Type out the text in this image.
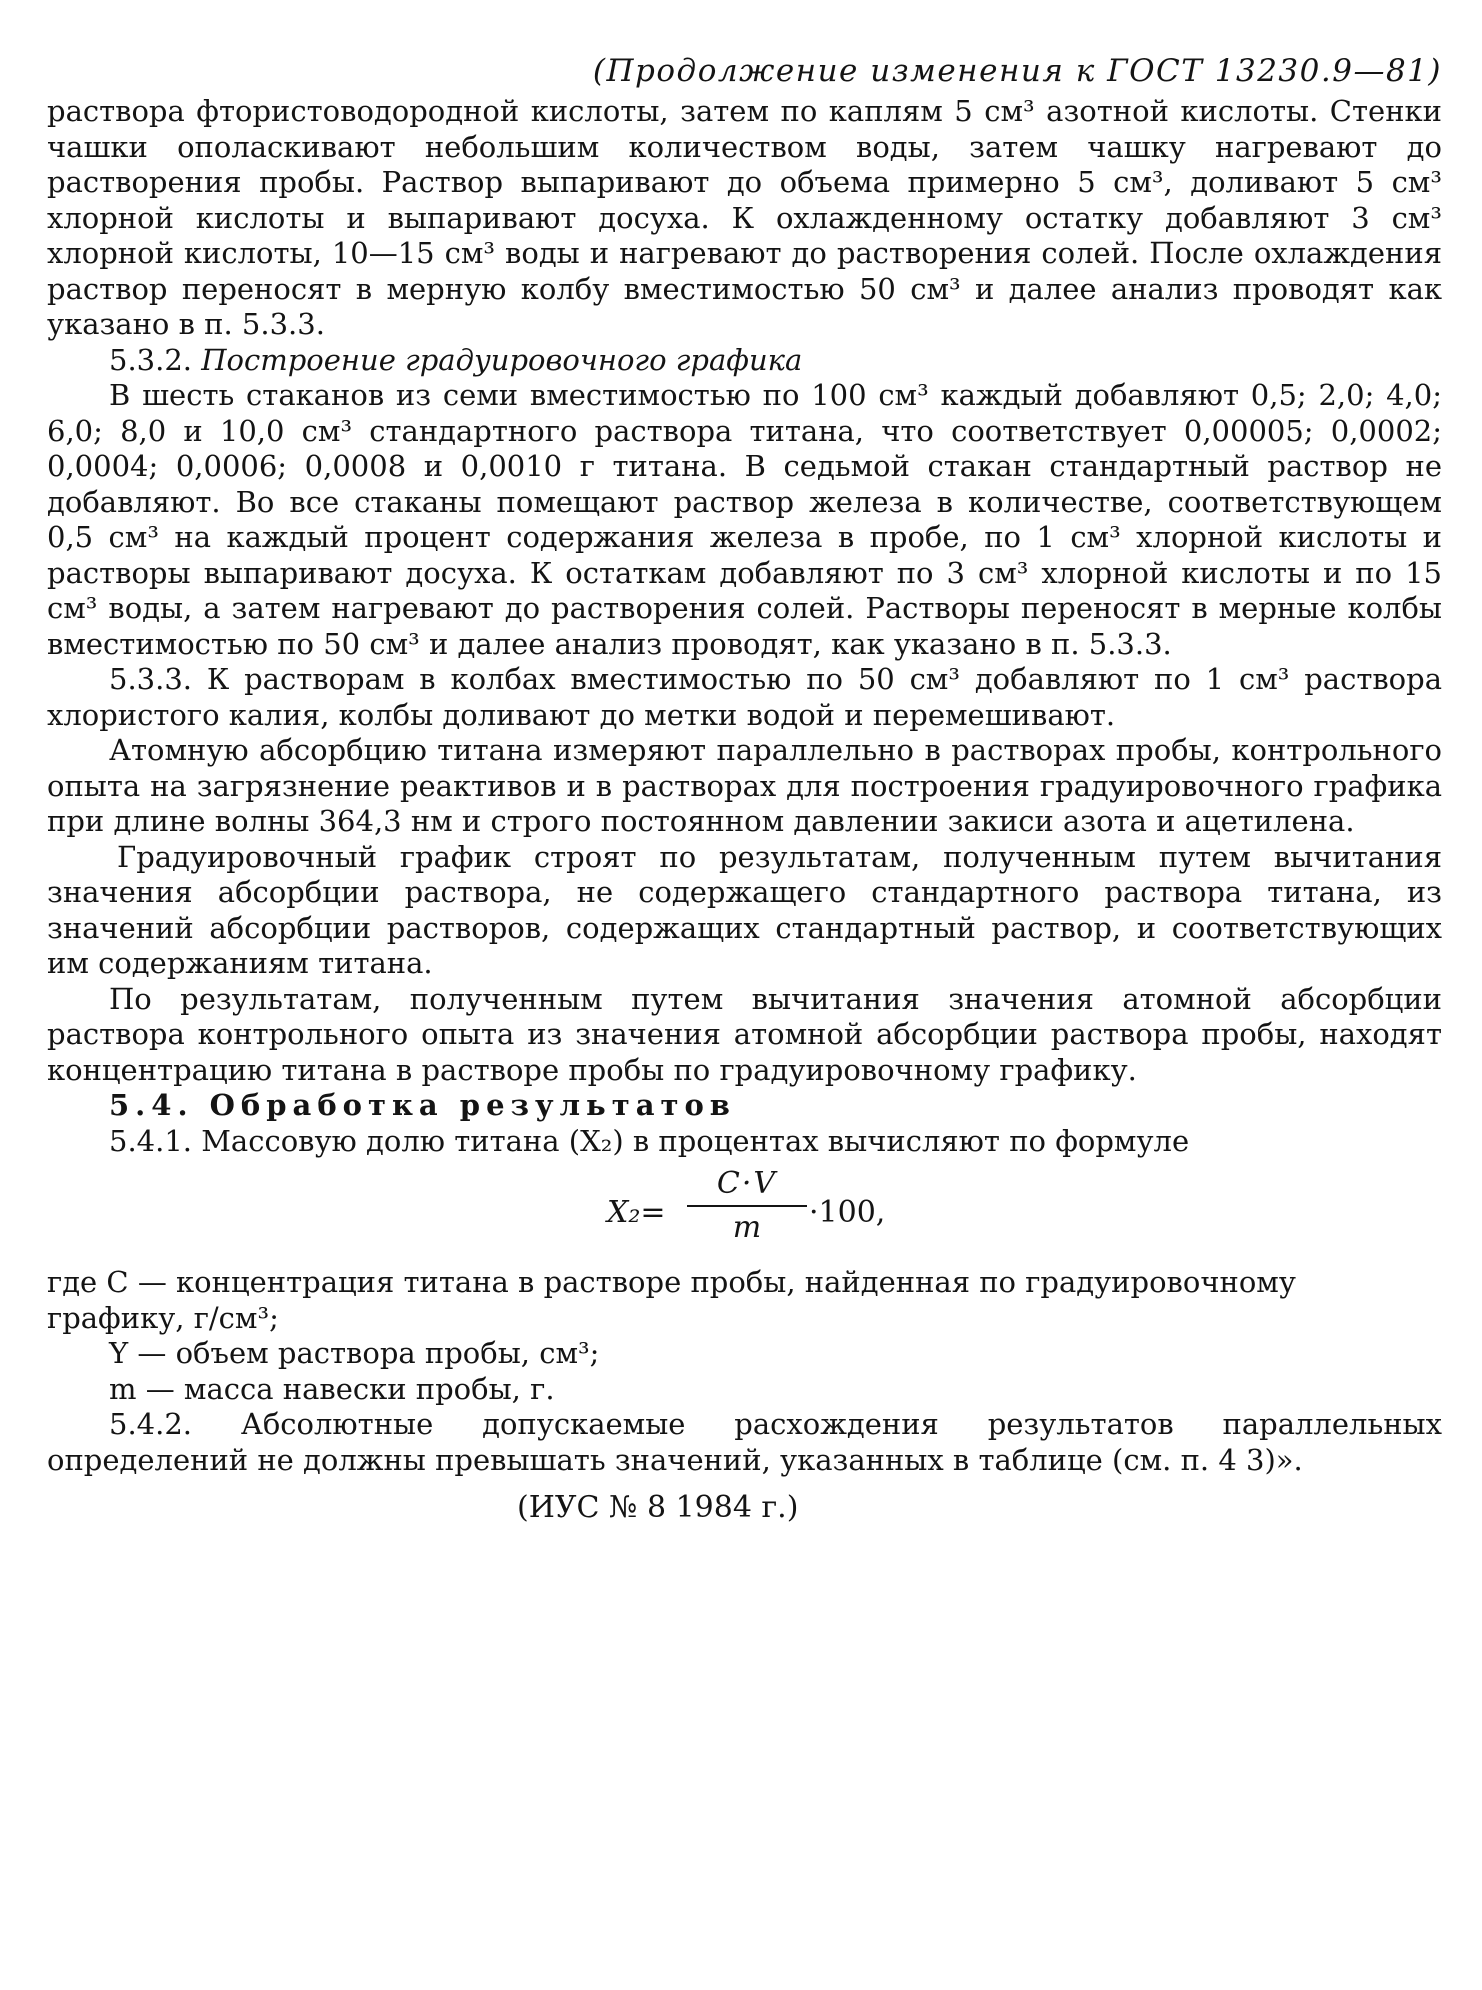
(Продолжение изменения к ГОСТ 13230.9—81)

раствора фтористоводородной кислоты, затем по каплям 5 см³ азотной кислоты. Стенки чашки ополаскивают небольшим количеством воды, затем чашку нагревают до растворения пробы. Раствор выпаривают до объема примерно 5 см³, доливают 5 см³ хлорной кислоты и выпаривают досуха. К охлажденному остатку добавляют 3 см³ хлорной кислоты, 10—15 см³ воды и нагревают до растворения солей. После охлаждения раствор переносят в мерную колбу вместимостью 50 см³ и далее анализ проводят как указано в п. 5.3.3.

5.3.2. Построение градуировочного графика

В шесть стаканов из семи вместимостью по 100 см³ каждый добавляют 0,5; 2,0; 4,0; 6,0; 8,0 и 10,0 см³ стандартного раствора титана, что соответствует 0,00005; 0,0002; 0,0004; 0,0006; 0,0008 и 0,0010 г титана. В седьмой стакан стандартный раствор не добавляют. Во все стаканы помещают раствор железа в количестве, соответствующем 0,5 см³ на каждый процент содержания железа в пробе, по 1 см³ хлорной кислоты и растворы выпаривают досуха. К остаткам добавляют по 3 см³ хлорной кислоты и по 15 см³ воды, а затем нагревают до растворения солей. Растворы переносят в мерные колбы вместимостью по 50 см³ и далее анализ проводят, как указано в п. 5.3.3.

5.3.3. К растворам в колбах вместимостью по 50 см³ добавляют по 1 см³ раствора хлористого калия, колбы доливают до метки водой и перемешивают.

Атомную абсорбцию титана измеряют параллельно в растворах пробы, контрольного опыта на загрязнение реактивов и в растворах для построения градуировочного графика при длине волны 364,3 нм и строго постоянном давлении закиси азота и ацетилена.

Градуировочный график строят по результатам, полученным путем вычитания значения абсорбции раствора, не содержащего стандартного раствора титана, из значений абсорбции растворов, содержащих стандартный раствор, и соответствующих им содержаниям титана.

По результатам, полученным путем вычитания значения атомной абсорбции раствора контрольного опыта из значения атомной абсорбции раствора пробы, находят концентрацию титана в растворе пробы по градуировочному графику.

5.4. Обработка результатов

5.4.1. Массовую долю титана (X₂) в процентах вычисляют по формуле

X₂=
C·V
m	·100,

где C — концентрация титана в растворе пробы, найденная по градуировочному графику, г/см³;

Y — объем раствора пробы, см³;

m — масса навески пробы, г.

5.4.2. Абсолютные допускаемые расхождения результатов параллельных определений не должны превышать значений, указанных в таблице (см. п. 4 3)».

(ИУС № 8 1984 г.)
